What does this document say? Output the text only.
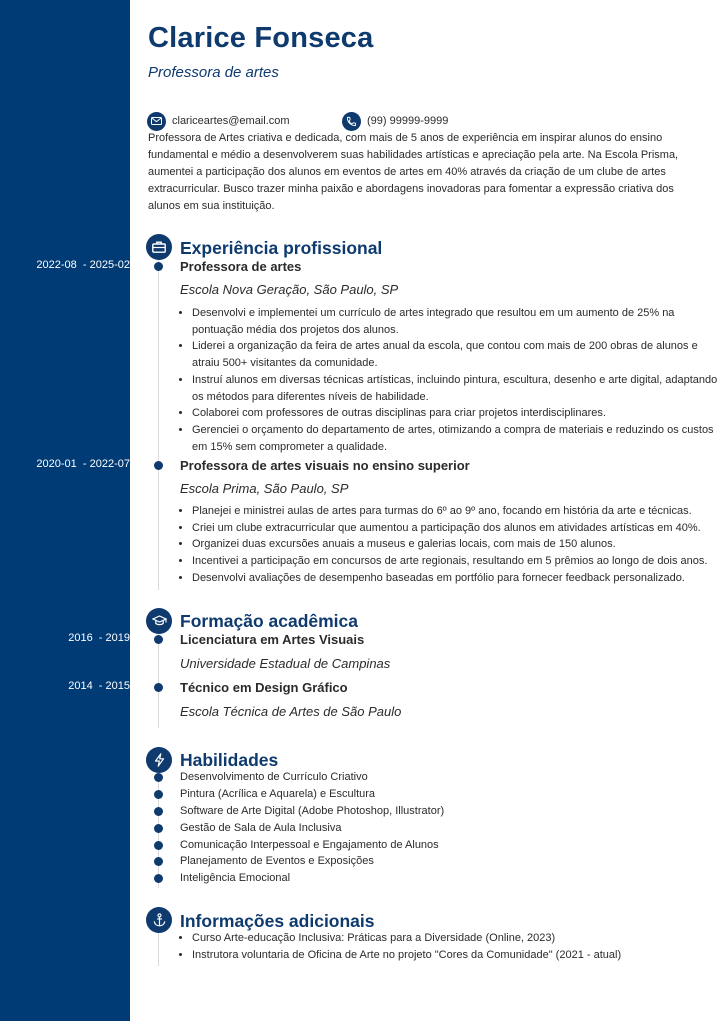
Clarice Fonseca
Professora de artes
clariceartes@email.com	(99) 99999-9999

Professora de Artes criativa e dedicada, com mais de 5 anos de experiência em inspirar alunos do ensino fundamental e médio a desenvolverem suas habilidades artísticas e apreciação pela arte. Na Escola Prisma, aumentei a participação dos alunos em eventos de artes em 40% através da criação de um clube de artes extracurricular. Busco trazer minha paixão e abordagens inovadoras para fomentar a expressão criativa dos alunos em sua instituição.

Experiência profissional
2022-08  - 2025-02	Professora de artes
Escola Nova Geração, São Paulo, SP
• Desenvolvi e implementei um currículo de artes integrado que resultou em um aumento de 25% na pontuação média dos projetos dos alunos.
• Liderei a organização da feira de artes anual da escola, que contou com mais de 200 obras de alunos e atraiu 500+ visitantes da comunidade.
• Instruí alunos em diversas técnicas artísticas, incluindo pintura, escultura, desenho e arte digital, adaptando os métodos para diferentes níveis de habilidade.
• Colaborei com professores de outras disciplinas para criar projetos interdisciplinares.
• Gerenciei o orçamento do departamento de artes, otimizando a compra de materiais e reduzindo os custos em 15% sem comprometer a qualidade.
2020-01  - 2022-07	Professora de artes visuais no ensino superior
Escola Prima, São Paulo, SP
• Planejei e ministrei aulas de artes para turmas do 6º ao 9º ano, focando em história da arte e técnicas.
• Criei um clube extracurricular que aumentou a participação dos alunos em atividades artísticas em 40%.
• Organizei duas excursões anuais a museus e galerias locais, com mais de 150 alunos.
• Incentivei a participação em concursos de arte regionais, resultando em 5 prêmios ao longo de dois anos.
• Desenvolvi avaliações de desempenho baseadas em portfólio para fornecer feedback personalizado.
Formação acadêmica
2016  - 2019	Licenciatura em Artes Visuais
Universidade Estadual de Campinas
2014  - 2015	Técnico em Design Gráfico
Escola Técnica de Artes de São Paulo
Habilidades
Desenvolvimento de Currículo Criativo
Pintura (Acrílica e Aquarela) e Escultura
Software de Arte Digital (Adobe Photoshop, Illustrator)
Gestão de Sala de Aula Inclusiva
Comunicação Interpessoal e Engajamento de Alunos
Planejamento de Eventos e Exposições
Inteligência Emocional
Informações adicionais
• Curso Arte-educação Inclusiva: Práticas para a Diversidade (Online, 2023)
• Instrutora voluntaria de Oficina de Arte no projeto "Cores da Comunidade" (2021 - atual)
